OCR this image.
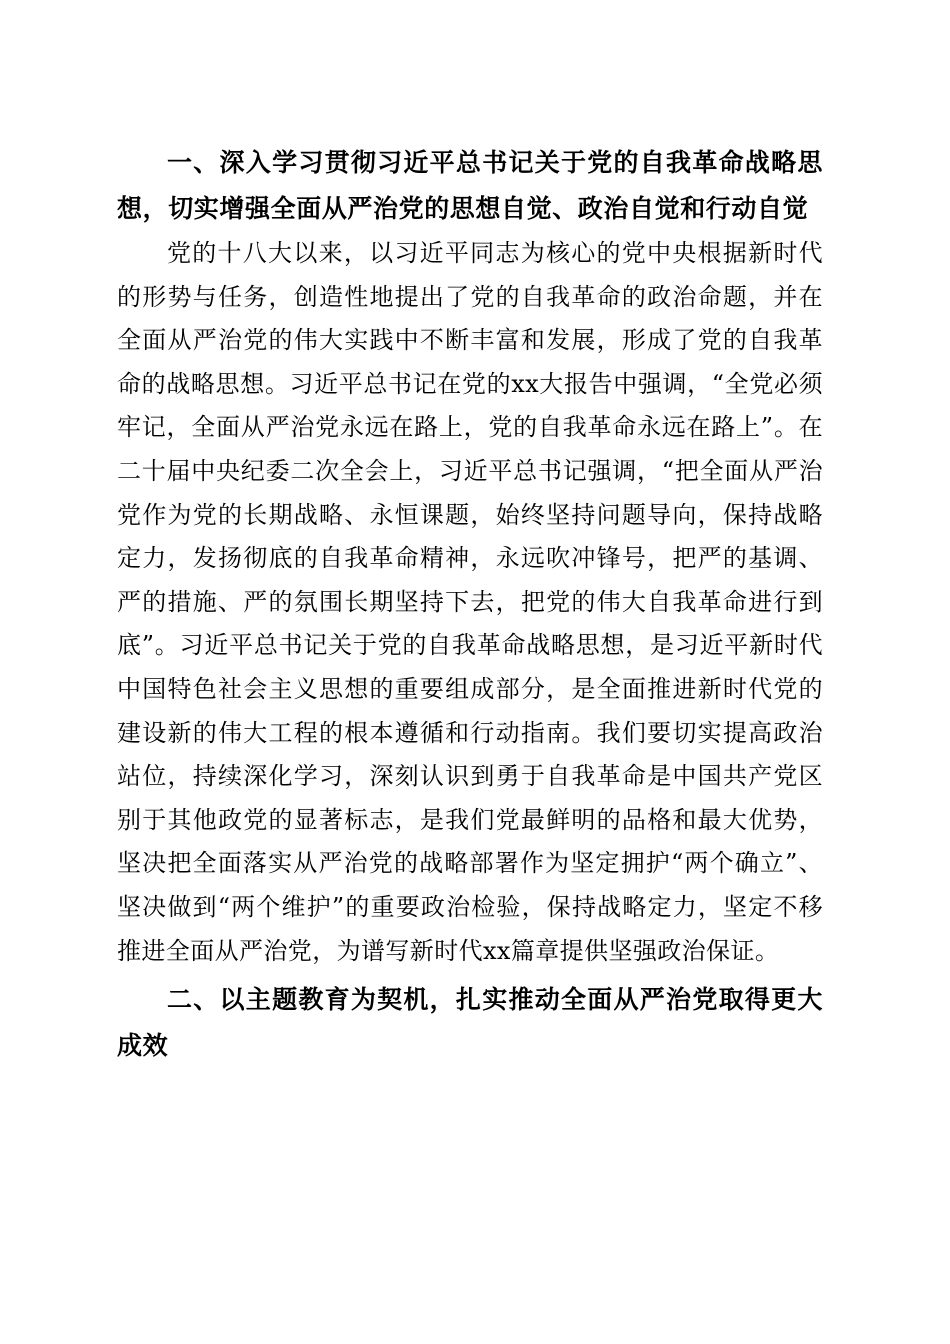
一、深入学习贯彻习近平总书记关于党的自我革命战略思想，切实增强全面从严治党的思想自觉、政治自觉和行动自觉

党的十八大以来，以习近平同志为核心的党中央根据新时代的形势与任务，创造性地提出了党的自我革命的政治命题，并在全面从严治党的伟大实践中不断丰富和发展，形成了党的自我革命的战略思想。习近平总书记在党的xx大报告中强调，“全党必须牢记，全面从严治党永远在路上，党的自我革命永远在路上”。在二十届中央纪委二次全会上，习近平总书记强调，“把全面从严治党作为党的长期战略、永恒课题，始终坚持问题导向，保持战略定力，发扬彻底的自我革命精神，永远吹冲锋号，把严的基调、严的措施、严的氛围长期坚持下去，把党的伟大自我革命进行到底”。习近平总书记关于党的自我革命战略思想，是习近平新时代中国特色社会主义思想的重要组成部分，是全面推进新时代党的建设新的伟大工程的根本遵循和行动指南。我们要切实提高政治站位，持续深化学习，深刻认识到勇于自我革命是中国共产党区别于其他政党的显著标志，是我们党最鲜明的品格和最大优势，坚决把全面落实从严治党的战略部署作为坚定拥护“两个确立”、坚决做到“两个维护”的重要政治检验，保持战略定力，坚定不移推进全面从严治党，为谱写新时代xx篇章提供坚强政治保证。

二、以主题教育为契机，扎实推动全面从严治党取得更大成效
